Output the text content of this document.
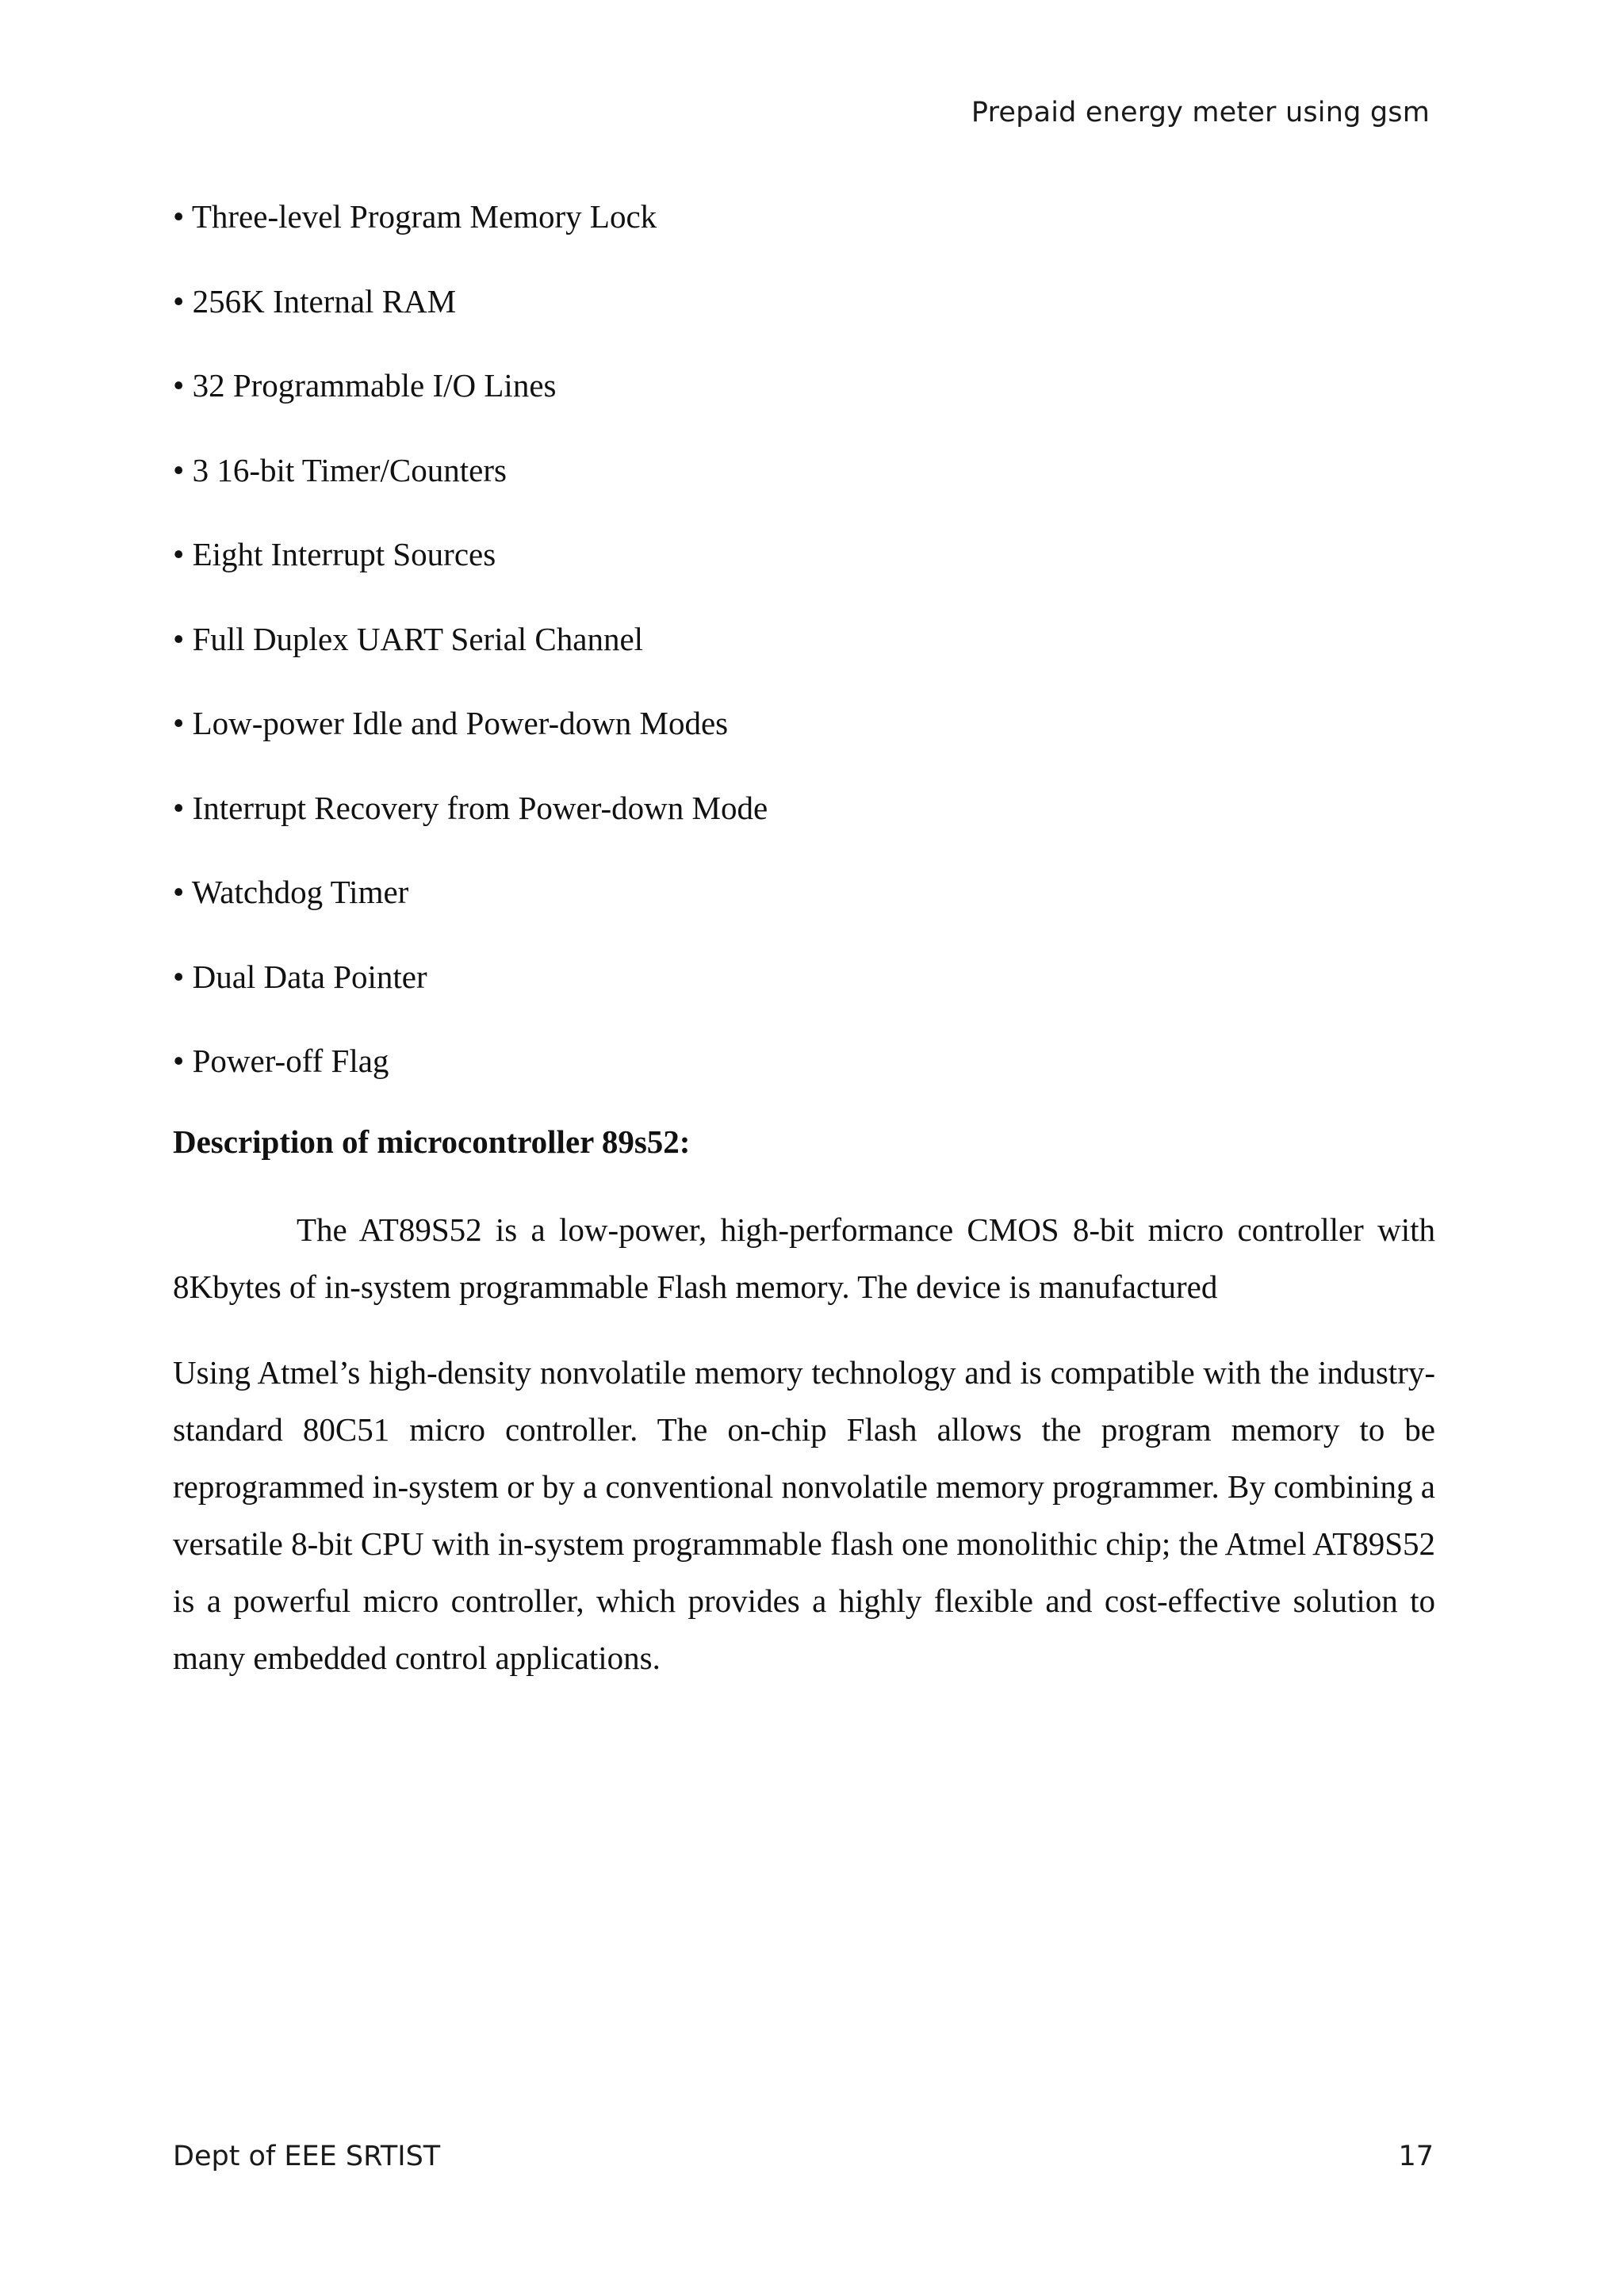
Prepaid energy meter using gsm
• Three-level Program Memory Lock
• 256K Internal RAM
• 32 Programmable I/O Lines
• 3 16-bit Timer/Counters
• Eight Interrupt Sources
• Full Duplex UART Serial Channel
• Low-power Idle and Power-down Modes
• Interrupt Recovery from Power-down Mode
• Watchdog Timer
• Dual Data Pointer
• Power-off Flag
Description of microcontroller 89s52:

The AT89S52 is a low-power, high-performance CMOS 8-bit micro controller with 8Kbytes of in-system programmable Flash memory. The device is manufactured

Using Atmel’s high-density nonvolatile memory technology and is compatible with the industry-standard 80C51 micro controller. The on-chip Flash allows the program memory to be reprogrammed in-system or by a conventional nonvolatile memory programmer. By combining a versatile 8-bit CPU with in-system programmable flash one monolithic chip; the Atmel AT89S52 is a powerful micro controller, which provides a highly flexible and cost-effective solution to many embedded control applications.

Dept of EEE SRTIST	17
